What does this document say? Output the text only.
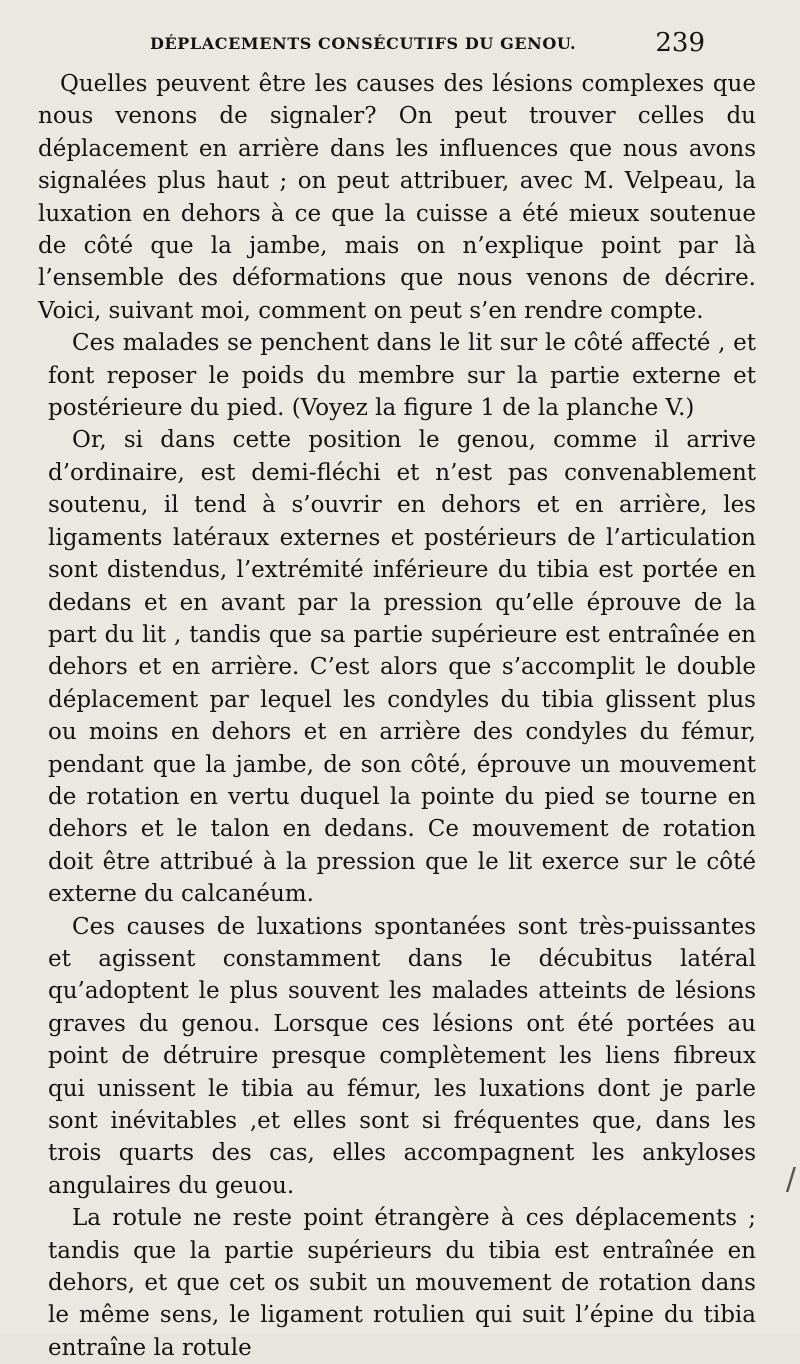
DÉPLACEMENTS CONSÉCUTIFS DU GENOU.	239

Quelles peuvent être les causes des lésions complexes que nous venons de signaler? On peut trouver celles du déplacement en arrière dans les influences que nous avons signalées plus haut ; on peut attribuer, avec M. Velpeau, la luxation en dehors à ce que la cuisse a été mieux soutenue de côté que la jambe, mais on n’explique point par là l’ensemble des déformations que nous venons de décrire. Voici, suivant moi, comment on peut s’en rendre compte.

Ces malades se penchent dans le lit sur le côté affecté , et font reposer le poids du membre sur la partie externe et postérieure du pied. (Voyez la figure 1 de la planche V.)

Or, si dans cette position le genou, comme il arrive d’ordinaire, est demi-fléchi et n’est pas convenablement soutenu, il tend à s’ouvrir en dehors et en arrière, les ligaments latéraux externes et postérieurs de l’articulation sont distendus, l’extrémité inférieure du tibia est portée en dedans et en avant par la pression qu’elle éprouve de la part du lit , tandis que sa partie supérieure est entraînée en dehors et en arrière. C’est alors que s’accomplit le double déplacement par lequel les condyles du tibia glissent plus ou moins en dehors et en arrière des condyles du fémur, pendant que la jambe, de son côté, éprouve un mouvement de rotation en vertu duquel la pointe du pied se tourne en dehors et le talon en dedans. Ce mouvement de rotation doit être attribué à la pression que le lit exerce sur le côté externe du calcanéum.

Ces causes de luxations spontanées sont très-puissantes et agissent constamment dans le décubitus latéral qu’adoptent le plus souvent les malades atteints de lésions graves du genou. Lorsque ces lésions ont été portées au point de détruire presque complètement les liens fibreux qui unissent le tibia au fémur, les luxations dont je parle sont inévitables ,et elles sont si fréquentes que, dans les trois quarts des cas, elles accompagnent les ankyloses angulaires du geuou.

La rotule ne reste point étrangère à ces déplacements ; tandis que la partie supérieurs du tibia est entraînée en dehors, et que cet os subit un mouvement de rotation dans le même sens, le ligament rotulien qui suit l’épine du tibia entraîne la rotule

/
